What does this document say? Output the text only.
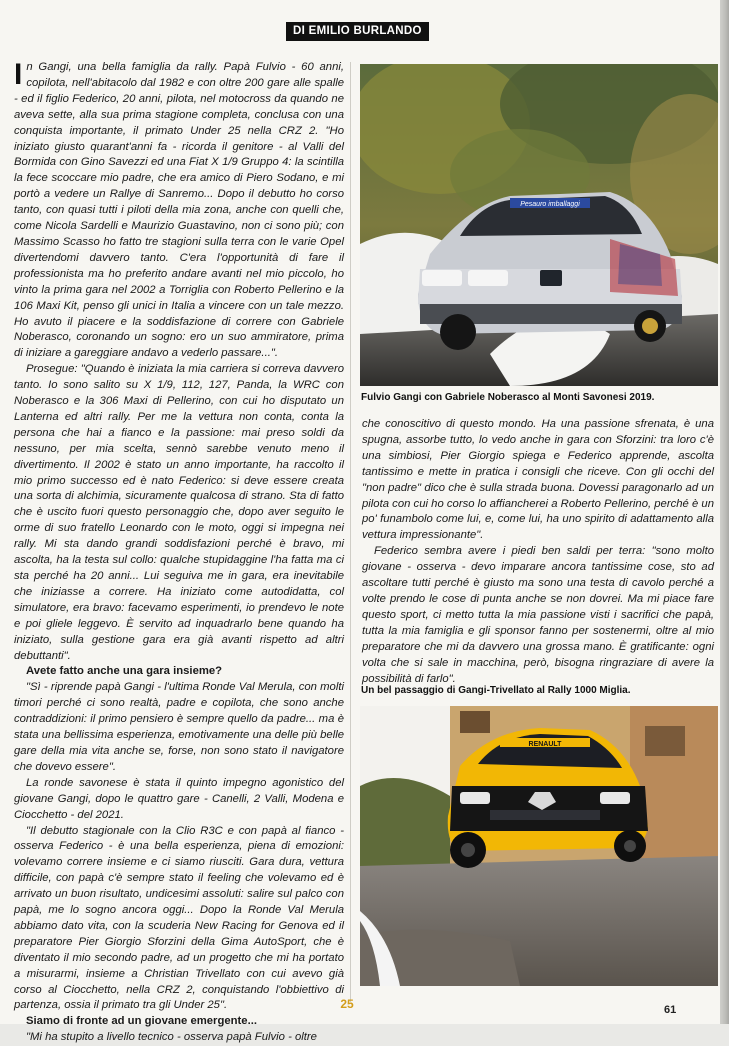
DI EMILIO BURLANDO

In Gangi, una bella famiglia da rally. Papà Fulvio - 60 anni, copilota, nell'abitacolo dal 1982 e con oltre 200 gare alle spalle - ed il figlio Federico, 20 anni, pilota, nel motocross da quando ne aveva sette, alla sua prima stagione completa, conclusa con una conquista importante, il primato Under 25 nella CRZ 2. "Ho iniziato giusto quarant'anni fa - ricorda il genitore - al Valli del Bormida con Gino Savezzi ed una Fiat X 1/9 Gruppo 4: la scintilla la fece scoccare mio padre, che era amico di Piero Sodano, e mi portò a vedere un Rallye di Sanremo... Dopo il debutto ho corso tanto, con quasi tutti i piloti della mia zona, anche con quelli che, come Nicola Sardelli e Maurizio Guastavino, non ci sono più; con Massimo Scasso ho fatto tre stagioni sulla terra con le varie Opel divertendomi davvero tanto. C'era l'opportunità di fare il professionista ma ho preferito andare avanti nel mio piccolo, ho vinto la prima gara nel 2002 a Torriglia con Roberto Pellerino e la 106 Maxi Kit, penso gli unici in Italia a vincere con un tale mezzo. Ho avuto il piacere e la soddisfazione di correre con Gabriele Noberasco, coronando un sogno: ero un suo ammiratore, prima di iniziare a gareggiare andavo a vederlo passare...".

Prosegue: "Quando è iniziata la mia carriera si correva davvero tanto. Io sono salito su X 1/9, 112, 127, Panda, la WRC con Noberasco e la 306 Maxi di Pellerino, con cui ho disputato un Lanterna ed altri rally. Per me la vettura non conta, conta la persona che hai a fianco e la passione: mai preso soldi da nessuno, per mia scelta, sennò sarebbe venuto meno il divertimento. Il 2002 è stato un anno importante, ha raccolto il mio primo successo ed è nato Federico: si deve essere creata una sorta di alchimia, sicuramente qualcosa di strano. Sta di fatto che è uscito fuori questo personaggio che, dopo aver seguito le orme di suo fratello Leonardo con le moto, oggi si impegna nei rally. Mi sta dando grandi soddisfazioni perché è bravo, mi ascolta, ha la testa sul collo: qualche stupidaggine l'ha fatta ma ci sta perché ha 20 anni... Lui seguiva me in gara, era inevitabile che iniziasse a correre. Ha iniziato come autodidatta, col simulatore, era bravo: facevamo esperimenti, io prendevo le note e poi gliele leggevo. È servito ad inquadrarlo bene quando ha iniziato, sulla gestione gara era già avanti rispetto ad altri debuttanti".

Avete fatto anche una gara insieme?

"Sì - riprende papà Gangi - l'ultima Ronde Val Merula, con molti timori perché ci sono realtà, padre e copilota, che sono anche contraddizioni: il primo pensiero è sempre quello da padre... ma è stata una bellissima esperienza, emotivamente una delle più belle gare della mia vita anche se, forse, non sono stato il navigatore che dovevo essere".

La ronde savonese è stata il quinto impegno agonistico del giovane Gangi, dopo le quattro gare - Canelli, 2 Valli, Modena e Ciocchetto - del 2021.

"Il debutto stagionale con la Clio R3C e con papà al fianco - osserva Federico - è una bella esperienza, piena di emozioni: volevamo correre insieme e ci siamo riusciti. Gara dura, vettura difficile, con papà c'è sempre stato il feeling che volevamo ed è arrivato un buon risultato, undicesimi assoluti: salire sul palco con papà, me lo sogno ancora oggi... Dopo la Ronde Val Merula abbiamo dato vita, con la scuderia New Racing for Genova ed il preparatore Pier Giorgio Sforzini della Gima AutoSport, che è diventato il mio secondo padre, ad un progetto che mi ha portato a misurarmi, insieme a Christian Trivellato con cui avevo già corso al Ciocchetto, nella CRZ 2, conquistando l'obbiettivo di partenza, ossia il primato tra gli Under 25".

Siamo di fronte ad un giovane emergente...

"Mi ha stupito a livello tecnico - osserva papà Fulvio - oltre

Pesauro imballaggi
Fulvio Gangi con Gabriele Noberasco al Monti Savonesi 2019.

che conoscitivo di questo mondo. Ha una passione sfrenata, è una spugna, assorbe tutto, lo vedo anche in gara con Sforzini: tra loro c'è una simbiosi, Pier Giorgio spiega e Federico apprende, ascolta tantissimo e mette in pratica i consigli che riceve. Con gli occhi del "non padre" dico che è sulla strada buona. Dovessi paragonarlo ad un pilota con cui ho corso lo affiancherei a Roberto Pellerino, perché è un po' funambolo come lui, e, come lui, ha uno spirito di adattamento alla vettura impressionante".

Federico sembra avere i piedi ben saldi per terra: "sono molto giovane - osserva - devo imparare ancora tantissime cose, sto ad ascoltare tutti perché è giusto ma sono una testa di cavolo perché a volte prendo le cose di punta anche se non dovrei. Ma mi piace fare questo sport, ci metto tutta la mia passione visti i sacrifici che papà, tutta la mia famiglia e gli sponsor fanno per sostenermi, oltre al mio preparatore che mi da davvero una grossa mano. È gratificante: ogni volta che si sale in macchina, però, bisogna ringraziare di avere la possibilità di farlo".

Un bel passaggio di Gangi-Trivellato al Rally 1000 Miglia.
RENAULT
25	61
